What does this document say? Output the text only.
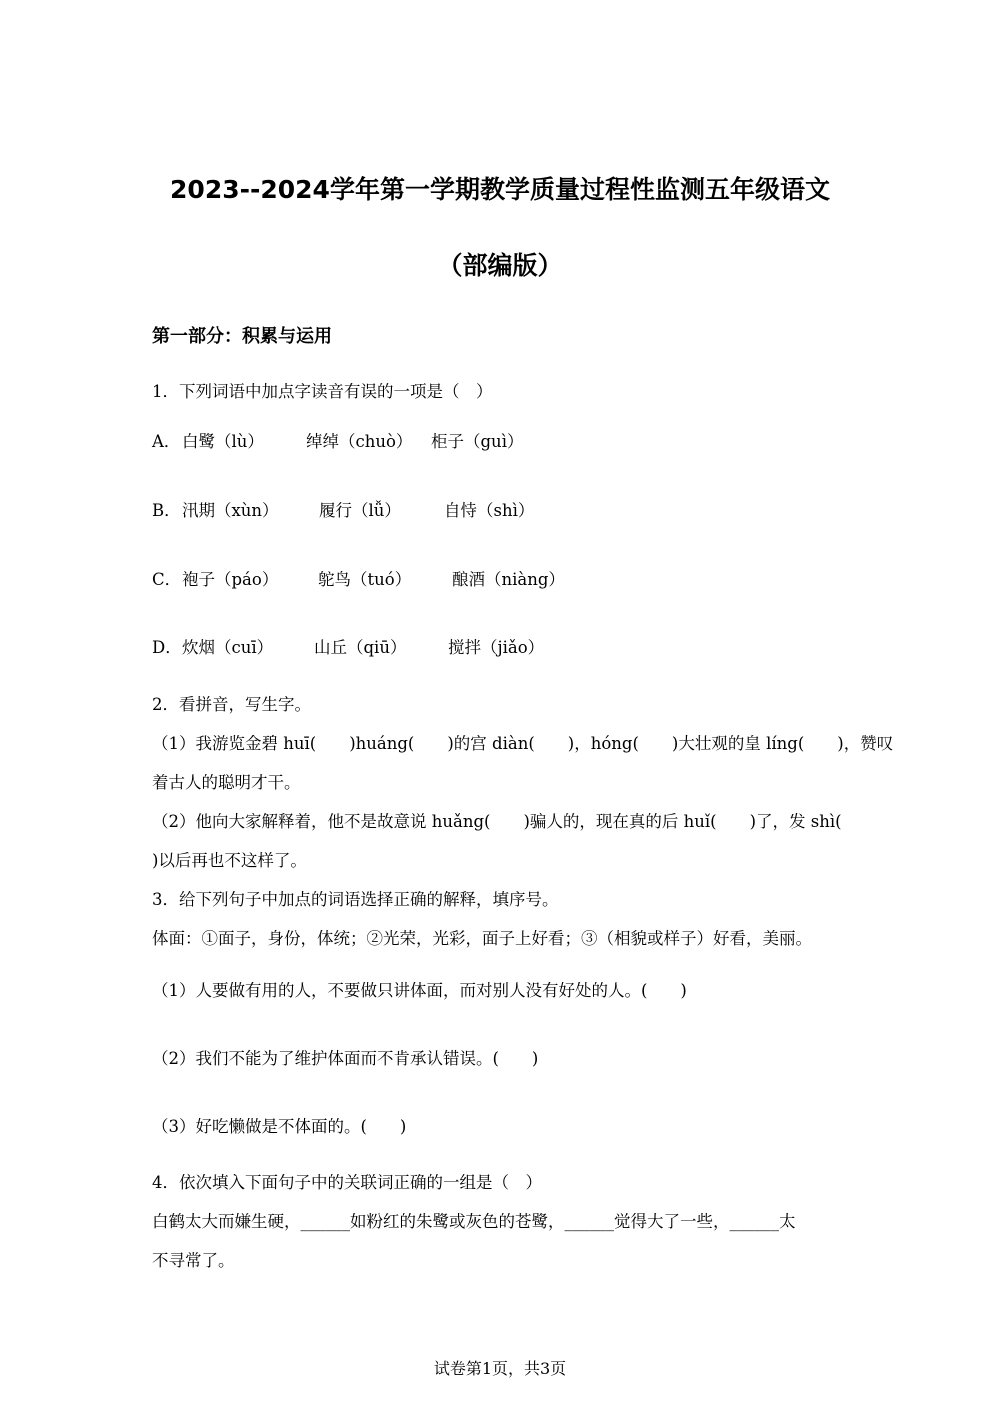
2023--2024学年第一学期教学质量过程性监测五年级语文
（部编版）
第一部分：积累与运用
1．下列词语中加点字读音有误的一项是（　）
A．白鹭（lù）	绰绰（chuò） 柜子（guì）
B．汛期（xùn） 履行（lǚ）	自恃（shì）
C．袍子（páo） 鸵鸟（tuó） 酿酒（niàng）
D．炊烟（cuī） 山丘（qiū）	搅拌（jiǎo）
2．看拼音，写生字。
（1）我游览金碧 huī(　　)huáng(　　)的宫 diàn(　　)，hóng(　　)大壮观的皇 líng(　　)，赞叹
着古人的聪明才干。
（2）他向大家解释着，他不是故意说 huǎng(　　)骗人的，现在真的后 huǐ(　　)了，发 shì(
)以后再也不这样了。
3．给下列句子中加点的词语选择正确的解释，填序号。
体面：①面子，身份，体统；②光荣，光彩，面子上好看；③（相貌或样子）好看，美丽。
（1）人要做有用的人，不要做只讲体面，而对别人没有好处的人。(　　)
（2）我们不能为了维护体面而不肯承认错误。(　　)
（3）好吃懒做是不体面的。(　　)
4．依次填入下面句子中的关联词正确的一组是（　）
白鹤太大而嫌生硬，______如粉红的朱鹭或灰色的苍鹭，______觉得大了一些，______太
不寻常了。
试卷第1页，共3页
